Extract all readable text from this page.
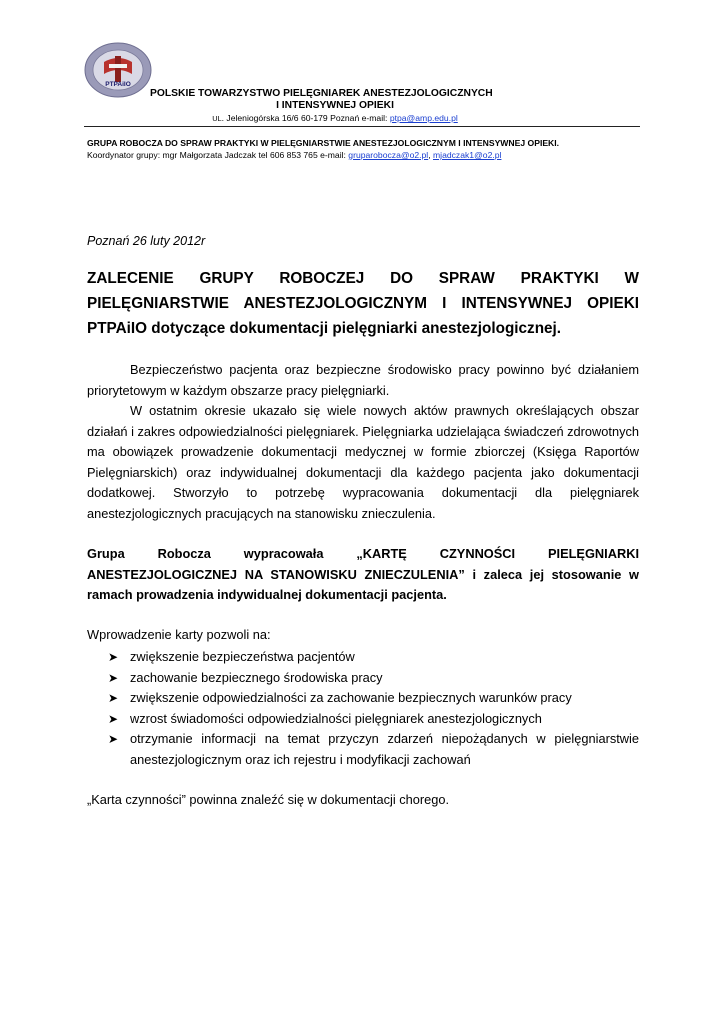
PTPAiIO
POLSKIE TOWARZYSTWO PIELĘGNIAREK ANESTEZJOLOGICZNYCH
I INTENSYWNEJ OPIEKI
UL. Jeleniogórska 16/6 60-179 Poznań e-mail: ptpa@amp.edu.pl
GRUPA ROBOCZA DO SPRAW PRAKTYKI W PIELĘGNIARSTWIE ANESTEZJOLOGICZNYM I INTENSYWNEJ OPIEKI.
Koordynator grupy: mgr Małgorzata Jadczak tel 606 853 765 e-mail: gruparobocza@o2.pl, mjadczak1@o2.pl
Poznań 26 luty 2012r
ZALECENIE GRUPY ROBOCZEJ DO SPRAW PRAKTYKI W PIELĘGNIARSTWIE ANESTEZJOLOGICZNYM I INTENSYWNEJ OPIEKI PTPAiIO dotyczące dokumentacji pielęgniarki anestezjologicznej.
Bezpieczeństwo pacjenta oraz bezpieczne środowisko pracy powinno być działaniem priorytetowym w każdym obszarze pracy pielęgniarki.
W ostatnim okresie ukazało się wiele nowych aktów prawnych określających obszar działań i zakres odpowiedzialności pielęgniarek. Pielęgniarka udzielająca świadczeń zdrowotnych ma obowiązek prowadzenie dokumentacji medycznej w formie zbiorczej (Księga Raportów Pielęgniarskich) oraz indywidualnej dokumentacji dla każdego pacjenta jako dokumentacji dodatkowej. Stworzyło to potrzebę wypracowania dokumentacji dla pielęgniarek anestezjologicznych pracujących na stanowisku znieczulenia.
Grupa Robocza wypracowała „KARTĘ CZYNNOŚCI PIELĘGNIARKI ANESTEZJOLOGICZNEJ NA STANOWISKU ZNIECZULENIA” i zaleca jej stosowanie w ramach prowadzenia indywidualnej dokumentacji pacjenta.
Wprowadzenie karty pozwoli na:
➤ zwiększenie bezpieczeństwa pacjentów
➤ zachowanie bezpiecznego środowiska pracy
➤ zwiększenie odpowiedzialności za zachowanie bezpiecznych warunków pracy
➤ wzrost świadomości odpowiedzialności pielęgniarek anestezjologicznych
➤ otrzymanie informacji na temat przyczyn zdarzeń niepożądanych w pielęgniarstwie anestezjologicznym oraz ich rejestru i modyfikacji zachowań
„Karta czynności” powinna znaleźć się w dokumentacji chorego.
